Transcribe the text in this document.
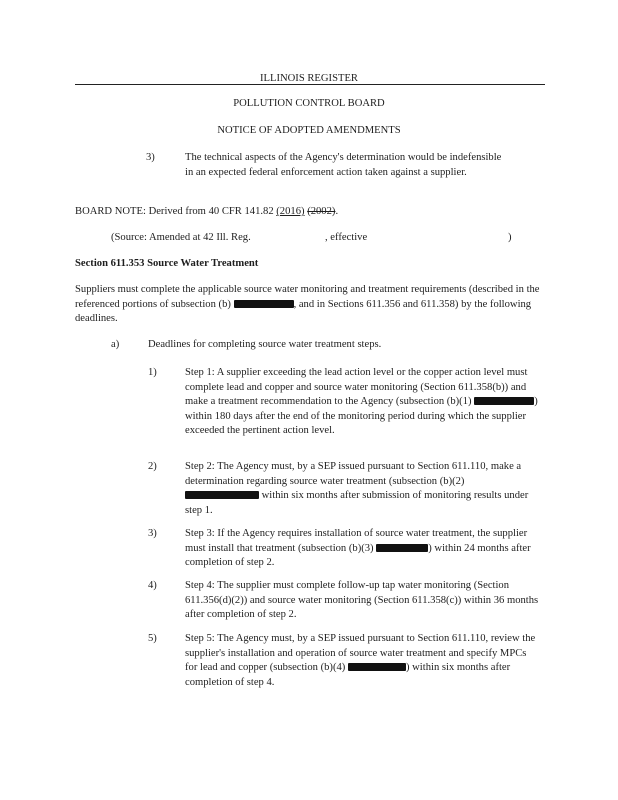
ILLINOIS REGISTER
POLLUTION CONTROL BOARD
NOTICE OF ADOPTED AMENDMENTS
3)	The technical aspects of the Agency's determination would be indefensible in an expected federal enforcement action taken against a supplier.
BOARD NOTE: Derived from 40 CFR 141.82 (2016) (2002).
(Source: Amended at 42 Ill. Reg.	, effective	)
Section 611.353 Source Water Treatment
Suppliers must complete the applicable source water monitoring and treatment requirements (described in the referenced portions of subsection (b)	, and in Sections 611.356 and 611.358) by the following deadlines.
a)	Deadlines for completing source water treatment steps.
1)	Step 1: A supplier exceeding the lead action level or the copper action level must complete lead and copper and source water monitoring (Section 611.358(b)) and make a treatment recommendation to the Agency (subsection (b)(1)	) within 180 days after the end of the monitoring period during which the supplier exceeded the pertinent action level.
2)	Step 2: The Agency must, by a SEP issued pursuant to Section 611.110, make a determination regarding source water treatment (subsection (b)(2)  within six months after submission of monitoring results under step 1.
3)	Step 3: If the Agency requires installation of source water treatment, the supplier must install that treatment (subsection (b)(3)	) within 24 months after completion of step 2.
4)	Step 4: The supplier must complete follow-up tap water monitoring (Section 611.356(d)(2)) and source water monitoring (Section 611.358(c)) within 36 months after completion of step 2.
5)	Step 5: The Agency must, by a SEP issued pursuant to Section 611.110, review the supplier's installation and operation of source water treatment and specify MPCs for lead and copper (subsection (b)(4)	) within six months after completion of step 4.
